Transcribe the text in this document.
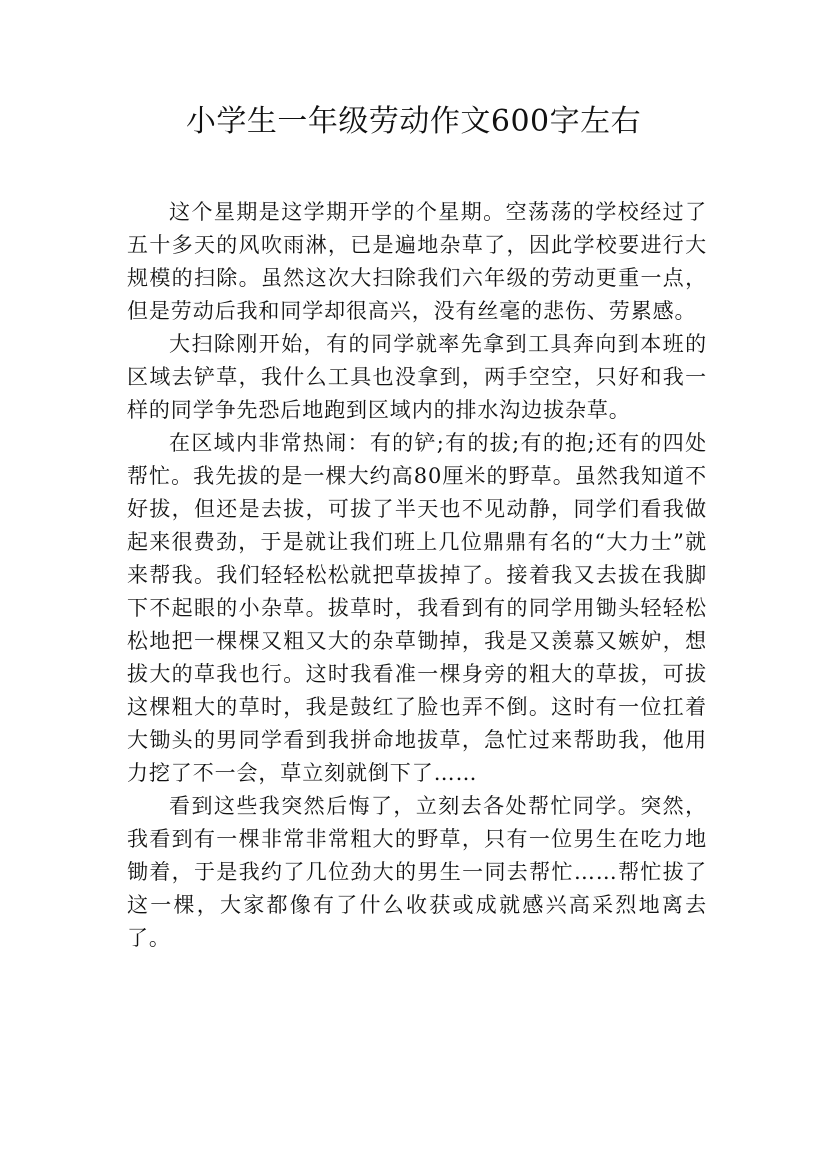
小学生一年级劳动作文600字左右

这个星期是这学期开学的个星期。空荡荡的学校经过了五十多天的风吹雨淋，已是遍地杂草了，因此学校要进行大规模的扫除。虽然这次大扫除我们六年级的劳动更重一点，但是劳动后我和同学却很高兴，没有丝毫的悲伤、劳累感。

大扫除刚开始，有的同学就率先拿到工具奔向到本班的区域去铲草，我什么工具也没拿到，两手空空，只好和我一样的同学争先恐后地跑到区域内的排水沟边拔杂草。

在区域内非常热闹：有的铲;有的拔;有的抱;还有的四处帮忙。我先拔的是一棵大约高80厘米的野草。虽然我知道不好拔，但还是去拔，可拔了半天也不见动静，同学们看我做起来很费劲，于是就让我们班上几位鼎鼎有名的“大力士”就来帮我。我们轻轻松松就把草拔掉了。接着我又去拔在我脚下不起眼的小杂草。拔草时，我看到有的同学用锄头轻轻松松地把一棵棵又粗又大的杂草锄掉，我是又羡慕又嫉妒，想拔大的草我也行。这时我看准一棵身旁的粗大的草拔，可拔这棵粗大的草时，我是鼓红了脸也弄不倒。这时有一位扛着大锄头的男同学看到我拼命地拔草，急忙过来帮助我，他用力挖了不一会，草立刻就倒下了……

看到这些我突然后悔了，立刻去各处帮忙同学。突然，我看到有一棵非常非常粗大的野草，只有一位男生在吃力地锄着，于是我约了几位劲大的男生一同去帮忙……帮忙拔了这一棵，大家都像有了什么收获或成就感兴高采烈地离去了。
